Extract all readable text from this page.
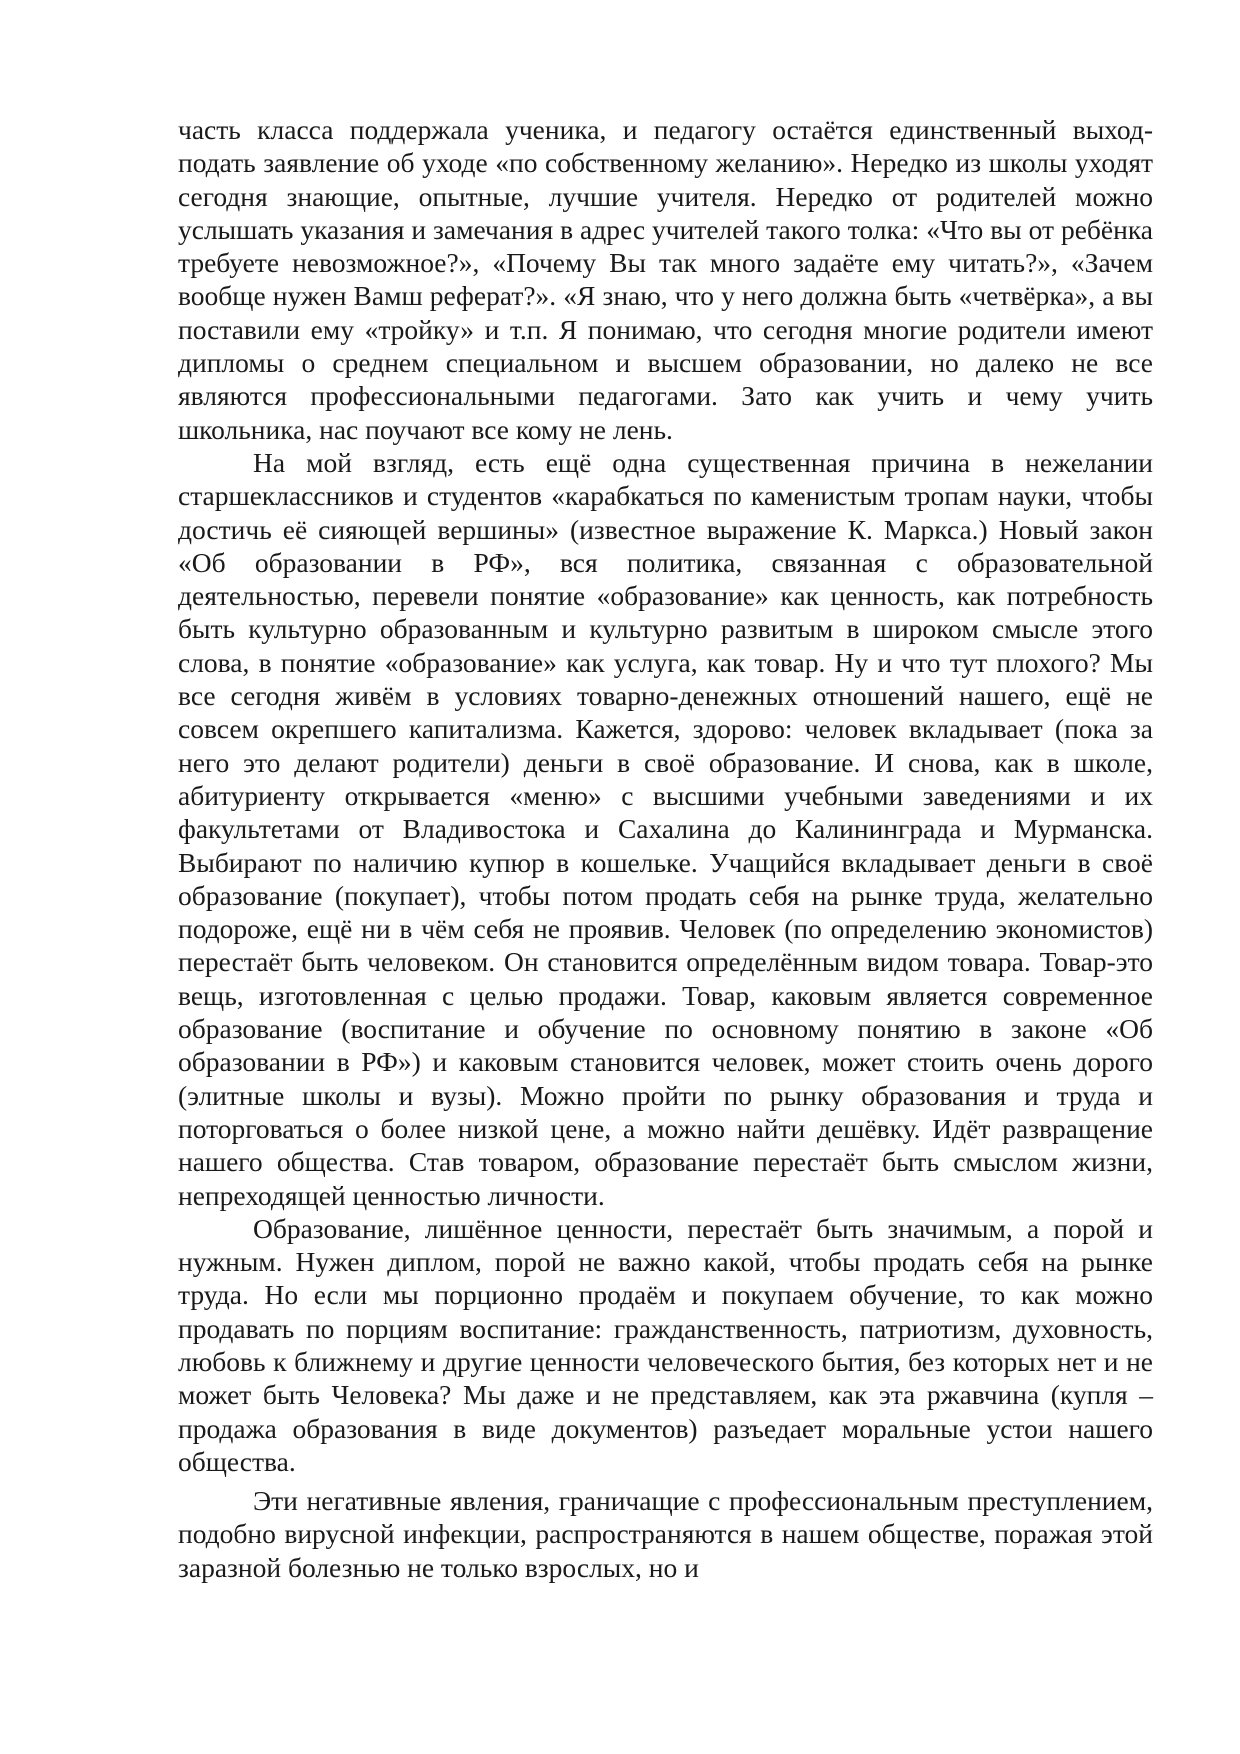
часть класса поддержала ученика, и педагогу остаётся единственный выход-подать заявление об уходе «по собственному желанию». Нередко из школы уходят сегодня знающие, опытные, лучшие учителя. Нередко от родителей можно услышать указания и замечания в адрес учителей такого толка: «Что вы от ребёнка требуете невозможное?», «Почему Вы так много задаёте ему читать?», «Зачем вообще нужен Вамш реферат?». «Я знаю, что у него должна быть «четвёрка», а вы поставили ему «тройку» и т.п. Я понимаю, что сегодня многие родители имеют дипломы о среднем специальном и высшем образовании, но далеко не все являются профессиональными педагогами. Зато как учить и чему учить школьника, нас поучают все кому не лень.

На мой взгляд, есть ещё одна существенная причина в нежелании старшеклассников и студентов «карабкаться по каменистым тропам науки, чтобы достичь её сияющей вершины» (известное выражение К. Маркса.) Новый закон «Об образовании в РФ», вся политика, связанная с образовательной деятельностью, перевели понятие «образование» как ценность, как потребность быть культурно образованным и культурно развитым в широком смысле этого слова, в понятие «образование» как услуга, как товар. Ну и что тут плохого? Мы все сегодня живём в условиях товарно-денежных отношений нашего, ещё не совсем окрепшего капитализма. Кажется, здорово: человек вкладывает (пока за него это делают родители) деньги в своё образование. И снова, как в школе, абитуриенту открывается «меню» с высшими учебными заведениями и их факультетами от Владивостока и Сахалина до Калининграда и Мурманска. Выбирают по наличию купюр в кошельке. Учащийся вкладывает деньги в своё образование (покупает), чтобы потом продать себя на рынке труда, желательно подороже, ещё ни в чём себя не проявив. Человек (по определению экономистов) перестаёт быть человеком. Он становится определённым видом товара. Товар-это вещь, изготовленная с целью продажи. Товар, каковым является современное образование (воспитание и обучение по основному понятию в законе «Об образовании в РФ») и каковым становится человек, может стоить очень дорого (элитные школы и вузы). Можно пройти по рынку образования и труда и поторговаться о более низкой цене, а можно найти дешёвку. Идёт развращение нашего общества. Став товаром, образование перестаёт быть смыслом жизни, непреходящей ценностью личности.

Образование, лишённое ценности, перестаёт быть значимым, а порой и нужным. Нужен диплом, порой не важно какой, чтобы продать себя на рынке труда. Но если мы порционно продаём и покупаем обучение, то как можно продавать по порциям воспитание: гражданственность, патриотизм, духовность, любовь к ближнему и другие ценности человеческого бытия, без которых нет и не может быть Человека? Мы даже и не представляем, как эта ржавчина (купля – продажа образования в виде документов) разъедает моральные устои нашего общества.

Эти негативные явления, граничащие с профессиональным преступлением, подобно вирусной инфекции, распространяются в нашем обществе, поражая этой заразной болезнью не только взрослых, но и
